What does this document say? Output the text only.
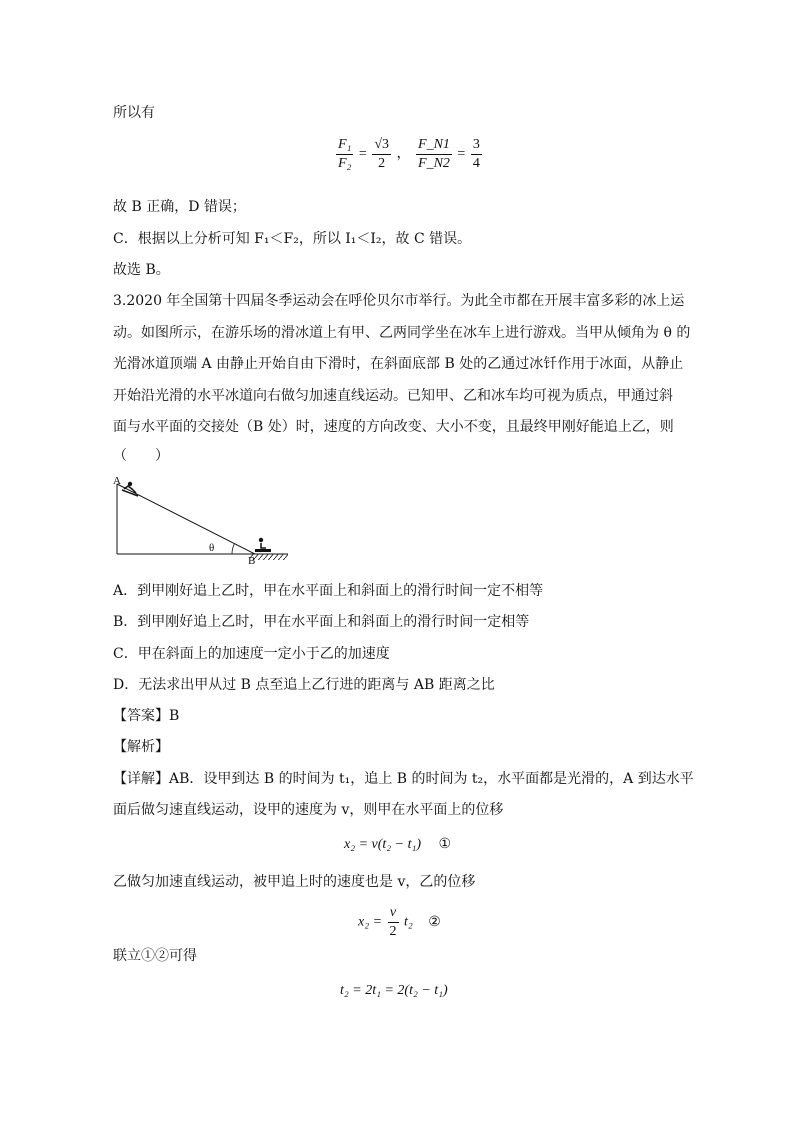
所以有
$\frac{\text{F₁}}{\text{F₂}} = \frac{√3}{2}$ ， $\frac{F\_N1}{F\_N2} = \frac{3}{4}$
故 B 正确，D 错误；
C．根据以上分析可知 F₁＜F₂，所以 I₁＜I₂，故 C 错误。
故选 B。
3.2020 年全国第十四届冬季运动会在呼伦贝尔市举行。为此全市都在开展丰富多彩的冰上运
动。如图所示，在游乐场的滑冰道上有甲、乙两同学坐在冰车上进行游戏。当甲从倾角为 θ 的
光滑冰道顶端 A 由静止开始自由下滑时，在斜面底部 B 处的乙通过冰钎作用于冰面，从静止
开始沿光滑的水平冰道向右做匀加速直线运动。已知甲、乙和冰车均可视为质点，甲通过斜
面与水平面的交接处（B 处）时，速度的方向改变、大小不变，且最终甲刚好能追上乙，则
（　　）
A
B
θ
A．到甲刚好追上乙时，甲在水平面上和斜面上的滑行时间一定不相等
B．到甲刚好追上乙时，甲在水平面上和斜面上的滑行时间一定相等
C．甲在斜面上的加速度一定小于乙的加速度
D．无法求出甲从过 B 点至追上乙行进的距离与 AB 距离之比
【答案】B
【解析】
【详解】AB．设甲到达 B 的时间为 t₁，追上 B 的时间为 t₂，水平面都是光滑的，A 到达水平
面后做匀速直线运动，设甲的速度为 v，则甲在水平面上的位移
x₂ = v(t₂ − t₁) ①
乙做匀加速直线运动，被甲追上时的速度也是 v，乙的位移
$x_2 = \frac{v}{2} t_2$ ②
联立①②可得
t₂ = 2t₁ = 2(t₂ − t₁)
